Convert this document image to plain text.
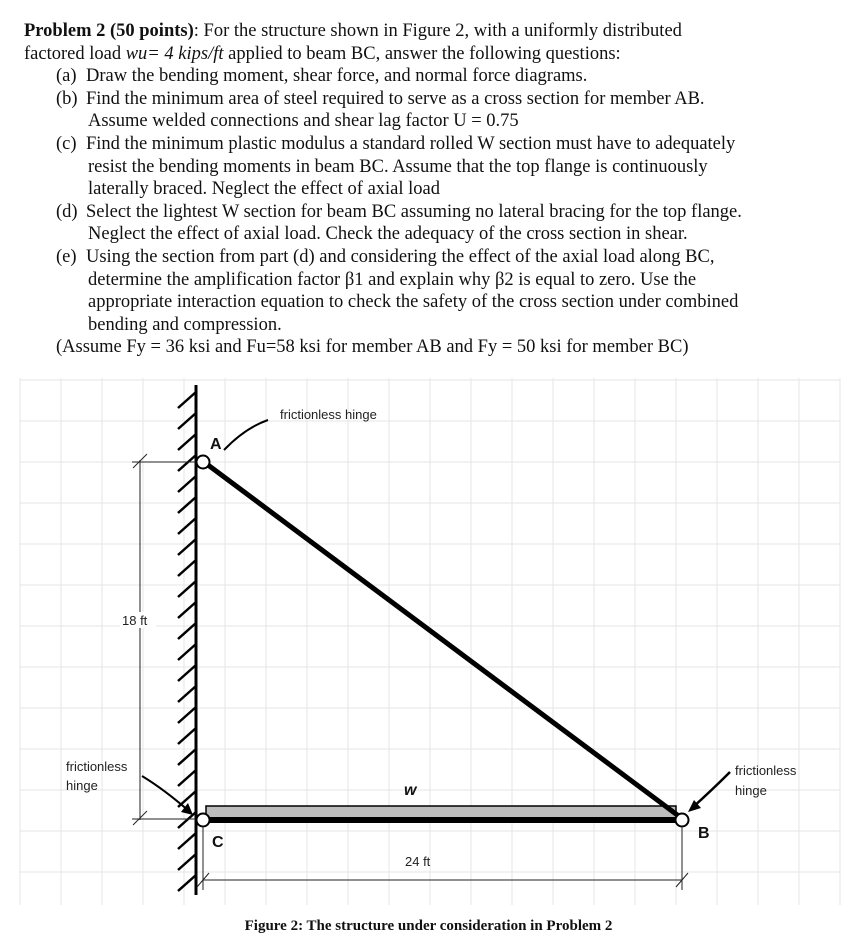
Problem 2 (50 points): For the structure shown in Figure 2, with a uniformly distributed
factored load wu= 4 kips/ft applied to beam BC, answer the following questions:
(a) Draw the bending moment, shear force, and normal force diagrams.
(b) Find the minimum area of steel required to serve as a cross section for member AB.
Assume welded connections and shear lag factor U = 0.75
(c) Find the minimum plastic modulus a standard rolled W section must have to adequately
resist the bending moments in beam BC. Assume that the top flange is continuously
laterally braced. Neglect the effect of axial load
(d) Select the lightest W section for beam BC assuming no lateral bracing for the top flange.
Neglect the effect of axial load. Check the adequacy of the cross section in shear.
(e) Using the section from part (d) and considering the effect of the axial load along BC,
determine the amplification factor β1 and explain why β2 is equal to zero. Use the
appropriate interaction equation to check the safety of the cross section under combined
bending and compression.
(Assume Fy = 36 ksi and Fu=58 ksi for member AB and Fy = 50 ksi for member BC)
18 ft
A
C
B
w
frictionless hinge
frictionless
hinge
frictionless
hinge
24 ft
Figure 2: The structure under consideration in Problem 2
